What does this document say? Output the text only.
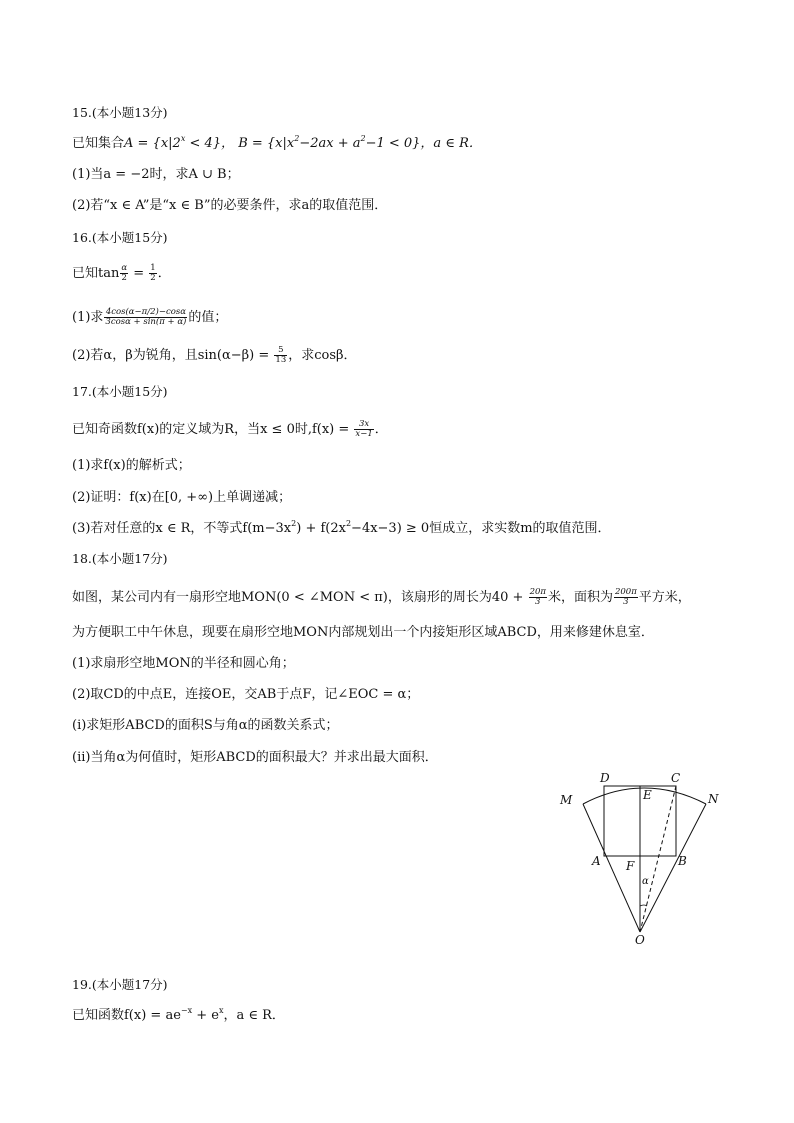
15.(本小题13分)
已知集合$A = \{x|2^x < 4\}$， $B = \{x|x^2-2ax + a^2-1 < 0\}$，a ∈ R．
(1)当a = −2时，求A ∪ B；
(2)若“x ∈ A”是“x ∈ B”的必要条件，求a的取值范围．
16.(本小题15分)
已知$\tan \frac{\alpha}{2} = \frac{1}{2}$ ．
(1)求 $\frac{4\cos(\alpha-\pi/2)-\cos\alpha}{3\cos\alpha + \sin(\pi + \alpha)}$ 的值；
(2)若α，β为锐角，且$\sin(\alpha-\beta) = \frac{5}{13}$ ，求cosβ．
17.(本小题15分)
已知奇函数f(x)的定义域为R，当x ≤ 0时$,f(x) = \frac{3x}{x-1}$ ．
(1)求f(x)的解析式；
(2)证明：f(x)在[0, +∞)上单调递减；
(3)若对任意的x ∈ R，不等式$f(m-3x^2) + f(2x^2-4x-3) \ge 0$恒成立，求实数m的取值范围．
18.(本小题17分)
如图，某公司内有一扇形空地MON(0 < ∠MON < π)，该扇形的周长为$40 + \frac{20\pi}{3}$ 米，面积为 $\frac{200\pi}{3}$ 平方米，
为方便职工中午休息，现要在扇形空地MON内部规划出一个内接矩形区域ABCD，用来修建休息室．
(1)求扇形空地MON的半径和圆心角；
(2)取CD的中点E，连接OE，交AB于点F，记∠EOC = α；
(i)求矩形ABCD的面积S与角α的函数关系式；
(ii)当角α为何值时，矩形ABCD的面积最大？并求出最大面积．
D	C
E
M	N
A F	B
α
O
19.(本小题17分)
已知函数$f(x) = ae^{-x} + e^x$，a ∈ R．
